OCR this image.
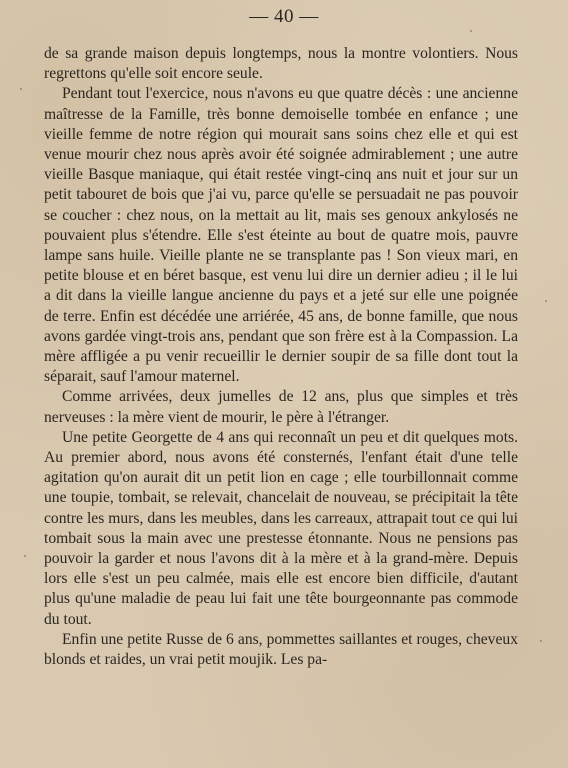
— 40 —

de sa grande maison depuis longtemps, nous la montre volontiers. Nous regrettons qu'elle soit encore seule.

Pendant tout l'exercice, nous n'avons eu que quatre décès : une ancienne maîtresse de la Famille, très bonne demoiselle tombée en enfance ; une vieille femme de notre région qui mourait sans soins chez elle et qui est venue mourir chez nous après avoir été soignée admirablement ; une autre vieille Basque maniaque, qui était restée vingt-cinq ans nuit et jour sur un petit tabouret de bois que j'ai vu, parce qu'elle se persuadait ne pas pouvoir se coucher : chez nous, on la mettait au lit, mais ses genoux ankylosés ne pouvaient plus s'étendre. Elle s'est éteinte au bout de quatre mois, pauvre lampe sans huile. Vieille plante ne se transplante pas ! Son vieux mari, en petite blouse et en béret basque, est venu lui dire un dernier adieu ; il le lui a dit dans la vieille langue ancienne du pays et a jeté sur elle une poignée de terre. Enfin est décédée une arriérée, 45 ans, de bonne famille, que nous avons gardée vingt-trois ans, pendant que son frère est à la Compassion. La mère affligée a pu venir recueillir le dernier soupir de sa fille dont tout la séparait, sauf l'amour maternel.

Comme arrivées, deux jumelles de 12 ans, plus que simples et très nerveuses : la mère vient de mourir, le père à l'étranger.

Une petite Georgette de 4 ans qui reconnaît un peu et dit quelques mots. Au premier abord, nous avons été consternés, l'enfant était d'une telle agitation qu'on aurait dit un petit lion en cage ; elle tourbillonnait comme une toupie, tombait, se relevait, chancelait de nouveau, se précipitait la tête contre les murs, dans les meubles, dans les carreaux, attrapait tout ce qui lui tombait sous la main avec une prestesse étonnante. Nous ne pensions pas pouvoir la garder et nous l'avons dit à la mère et à la grand-mère. Depuis lors elle s'est un peu calmée, mais elle est encore bien difficile, d'autant plus qu'une maladie de peau lui fait une tête bourgeonnante pas commode du tout.

Enfin une petite Russe de 6 ans, pommettes saillantes et rouges, cheveux blonds et raides, un vrai petit moujik. Les pa-
